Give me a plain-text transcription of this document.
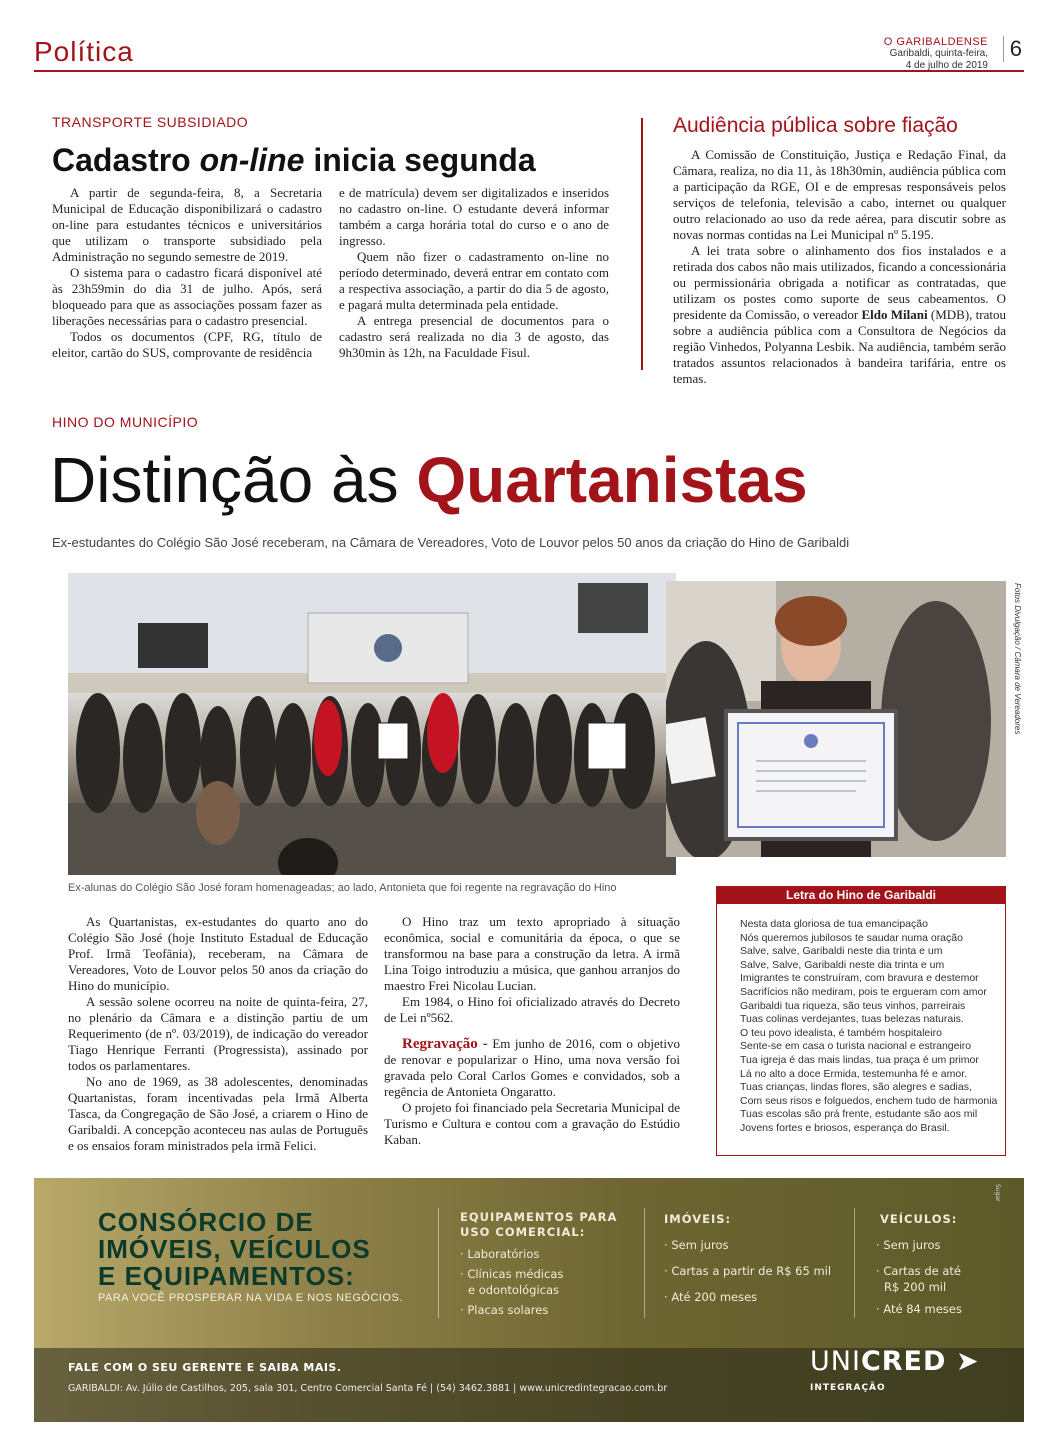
Política	O GARIBALDENSE
Garibaldi, quinta-feira,
4 de julho de 2019
6
TRANSPORTE SUBSIDIADO
Cadastro on-line inicia segunda

A partir de segunda-feira, 8, a Secretaria Municipal de Educação disponibilizará o cadastro on-line para estudantes técnicos e universitários que utilizam o transporte subsidiado pela Administração no segundo semestre de 2019.

O sistema para o cadastro ficará disponível até às 23h59min do dia 31 de julho. Após, será bloqueado para que as associações possam fazer as liberações necessárias para o cadastro presencial.

Todos os documentos (CPF, RG, título de eleitor, cartão do SUS, comprovante de residência

e de matrícula) devem ser digitalizados e inseridos no cadastro on-line. O estudante deverá informar também a carga horária total do curso e o ano de ingresso.

Quem não fizer o cadastramento on-line no período determinado, deverá entrar em contato com a respectiva associação, a partir do dia 5 de agosto, e pagará multa determinada pela entidade.

A entrega presencial de documentos para o cadastro será realizada no dia 3 de agosto, das 9h30min às 12h, na Faculdade Fisul.

Audiência pública sobre fiação

A Comissão de Constituição, Justiça e Redação Final, da Câmara, realiza, no dia 11, às 18h30min, audiência pública com a participação da RGE, OI e de empresas responsáveis pelos serviços de telefonia, televisão a cabo, internet ou qualquer outro relacionado ao uso da rede aérea, para discutir sobre as novas normas contidas na Lei Municipal nº 5.195.

A lei trata sobre o alinhamento dos fios instalados e a retirada dos cabos não mais utilizados, ficando a concessionária ou permissionária obrigada a notificar as contratadas, que utilizam os postes como suporte de seus cabeamentos. O presidente da Comissão, o vereador Eldo Milani (MDB), tratou sobre a audiência pública com a Consultora de Negócios da região Vinhedos, Polyanna Lesbik. Na audiência, também serão tratados assuntos relacionados à bandeira tarifária, entre os temas.

HINO DO MUNICÍPIO
Distinção às Quartanistas
Ex-estudantes do Colégio São José receberam, na Câmara de Vereadores, Voto de Louvor pelos 50 anos da criação do Hino de Garibaldi
Fotos Divulgação / Câmara de Vereadores
Ex-alunas do Colégio São José foram homenageadas; ao lado, Antonieta que foi regente na regravação do Hino

As Quartanistas, ex-estudantes do quarto ano do Colégio São José (hoje Instituto Estadual de Educação Prof. Irmã Teofânia), receberam, na Câmara de Vereadores, Voto de Louvor pelos 50 anos da criação do Hino do município.

A sessão solene ocorreu na noite de quinta-feira, 27, no plenário da Câmara e a distinção partiu de um Requerimento (de nº. 03/2019), de indicação do vereador Tiago Henrique Ferranti (Progressista), assinado por todos os parlamentares.

No ano de 1969, as 38 adolescentes, denominadas Quartanistas, foram incentivadas pela Irmã Alberta Tasca, da Congregação de São José, a criarem o Hino de Garibaldi. A concepção aconteceu nas aulas de Português e os ensaios foram ministrados pela irmã Felici.

O Hino traz um texto apropriado à situação econômica, social e comunitária da época, o que se transformou na base para a construção da letra. A irmã Lina Toigo introduziu a música, que ganhou arranjos do maestro Frei Nicolau Lucian.

Em 1984, o Hino foi oficializado através do Decreto de Lei nº562.

Regravação - Em junho de 2016, com o objetivo de renovar e popularizar o Hino, uma nova versão foi gravada pelo Coral Carlos Gomes e convidados, sob a regência de Antonieta Ongaratto.

O projeto foi financiado pela Secretaria Municipal de Turismo e Cultura e contou com a gravação do Estúdio Kaban.

Letra do Hino de Garibaldi
Nesta data gloriosa de tua emancipação
Nós queremos jubilosos te saudar numa oração
Salve, salve, Garibaldi neste dia trinta e um
Salve, Salve, Garibaldi neste dia trinta e um
Imigrantes te construíram, com bravura e destemor
Sacrifícios não mediram, pois te ergueram com amor
Garibaldi tua riqueza, são teus vinhos, parreirais
Tuas colinas verdejantes, tuas belezas naturais.
O teu povo idealista, é também hospitaleiro
Sente-se em casa o turista nacional e estrangeiro
Tua igreja é das mais lindas, tua praça é um primor
Lá no alto a doce Ermida, testemunha fé e amor.
Tuas crianças, lindas flores, são alegres e sadias,
Com seus risos e folguedos, enchem tudo de harmonia
Tuas escolas são prá frente, estudante são aos mil
Jovens fortes e briosos, esperança do Brasil.
Sugar
CONSÓRCIO DE
IMÓVEIS, VEÍCULOS
E EQUIPAMENTOS:
PARA VOCÊ PROSPERAR NA VIDA E NOS NEGÓCIOS.
EQUIPAMENTOS PARA
USO COMERCIAL:
· Laboratórios
· Clínicas médicas
e odontológicas
· Placas solares
IMÓVEIS:
· Sem juros
· Cartas a partir de R$ 65 mil
· Até 200 meses
VEÍCULOS:
· Sem juros
· Cartas de até
R$ 200 mil
· Até 84 meses
FALE COM O SEU GERENTE E SAIBA MAIS.
GARIBALDI: Av. Júlio de Castilhos, 205, sala 301, Centro Comercial Santa Fé | (54) 3462.3881 | www.unicredintegracao.com.br
UNICRED ➤
INTEGRAÇÃO
